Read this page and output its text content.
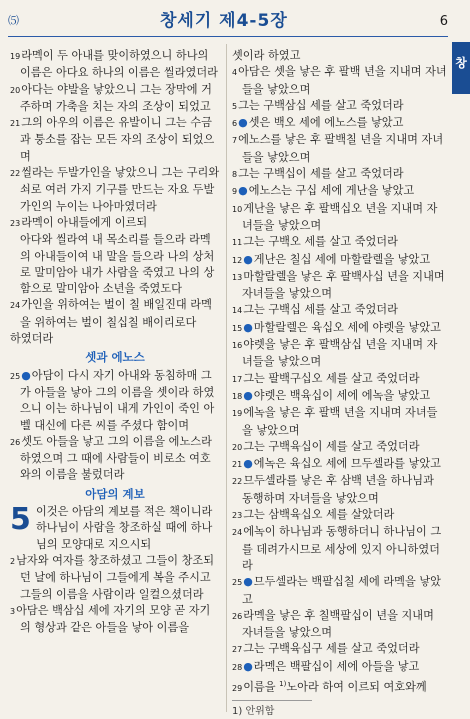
⑸	창세기 제4-5장	6
창

19라멕이 두 아내를 맞이하였으니 하나의 이름은 아다요 하나의 이름은 씰라였더라

20아다는 야발을 낳았으니 그는 장막에 거주하며 가축을 치는 자의 조상이 되었고

21그의 아우의 이름은 유발이니 그는 수금과 퉁소를 잡는 모든 자의 조상이 되었으며

22씰라는 두발가인을 낳았으니 그는 구리와 쇠로 여러 가지 기구를 만드는 자요 두발가인의 누이는 나아마였더라

23라멕이 아내들에게 이르되

아다와 씰라여 내 목소리를 들으라 라멕의 아내들이여 내 말을 들으라 나의 상처로 말미암아 내가 사람을 죽였고 나의 상함으로 말미암아 소년을 죽였도다

24가인을 위하여는 벌이 칠 배일진대 라멕을 위하여는 벌이 칠십칠 배이리로다

하였더라

셋과 에노스

25●아담이 다시 자기 아내와 동침하매 그가 아들을 낳아 그의 이름을 셋이라 하였으니 이는 하나님이 내게 가인이 죽인 아벨 대신에 다른 씨를 주셨다 함이며

26셋도 아들을 낳고 그의 이름을 에노스라 하였으며 그 때에 사람들이 비로소 여호와의 이름을 불렀더라

아담의 계보
5 이것은 아담의 계보를 적은 책이니라 하나님이 사람을 창조하실 때에 하나님의 모양대로 지으시되

2남자와 여자를 창조하셨고 그들이 창조되던 날에 하나님이 그들에게 복을 주시고 그들의 이름을 사람이라 일컬으셨더라

3아담은 백삼십 세에 자기의 모양 곧 자기의 형상과 같은 아들을 낳아 이름을

셋이라 하였고

4아담은 셋을 낳은 후 팔백 년을 지내며 자녀들을 낳았으며

5그는 구백삼십 세를 살고 죽었더라

6●셋은 백오 세에 에노스를 낳았고

7에노스를 낳은 후 팔백칠 년을 지내며 자녀들을 낳았으며

8그는 구백십이 세를 살고 죽었더라

9●에노스는 구십 세에 게난을 낳았고

10게난을 낳은 후 팔백십오 년을 지내며 자녀들을 낳았으며

11그는 구백오 세를 살고 죽었더라

12●게난은 칠십 세에 마할랄렐을 낳았고

13마할랄렐을 낳은 후 팔백사십 년을 지내며 자녀들을 낳았으며

14그는 구백십 세를 살고 죽었더라

15●마할랄렐은 육십오 세에 야렛을 낳았고

16야렛을 낳은 후 팔백삼십 년을 지내며 자녀들을 낳았으며

17그는 팔백구십오 세를 살고 죽었더라

18●야렛은 백육십이 세에 에녹을 낳았고

19에녹을 낳은 후 팔백 년을 지내며 자녀들을 낳았으며

20그는 구백육십이 세를 살고 죽었더라

21●에녹은 육십오 세에 므두셀라를 낳았고

22므두셀라를 낳은 후 삼백 년을 하나님과 동행하며 자녀들을 낳았으며

23그는 삼백육십오 세를 살았더라

24에녹이 하나님과 동행하더니 하나님이 그를 데려가시므로 세상에 있지 아니하였더라

25●므두셀라는 백팔십칠 세에 라멕을 낳았고

26라멕을 낳은 후 칠백팔십이 년을 지내며 자녀들을 낳았으며

27그는 구백육십구 세를 살고 죽었더라

28●라멕은 백팔십이 세에 아들을 낳고

29이름을 $^{1)}$노아라 하여 이르되 여호와께

1) 안위함
